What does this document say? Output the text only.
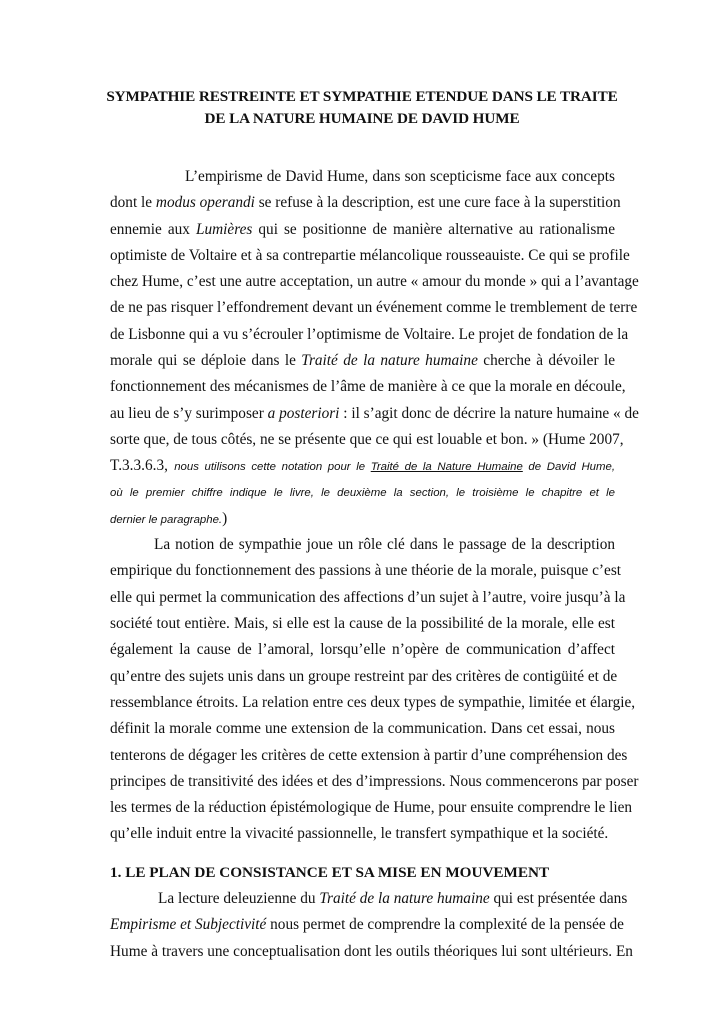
SYMPATHIE RESTREINTE ET SYMPATHIE ETENDUE DANS LE TRAITE
DE LA NATURE HUMAINE DE DAVID HUME
L’empirisme de David Hume, dans son scepticisme face aux concepts
dont le modus operandi se refuse à la description, est une cure face à la superstition
ennemie aux Lumières qui se positionne de manière alternative au rationalisme
optimiste de Voltaire et à sa contrepartie mélancolique rousseauiste. Ce qui se profile
chez Hume, c’est une autre acceptation, un autre « amour du monde » qui a l’avantage
de ne pas risquer l’effondrement devant un événement comme le tremblement de terre
de Lisbonne qui a vu s’écrouler l’optimisme de Voltaire. Le projet de fondation de la
morale qui se déploie dans le Traité de la nature humaine cherche à dévoiler le
fonctionnement des mécanismes de l’âme de manière à ce que la morale en découle,
au lieu de s’y surimposer a posteriori : il s’agit donc de décrire la nature humaine « de
sorte que, de tous côtés, ne se présente que ce qui est louable et bon. » (Hume 2007,
T.3.3.6.3, nous utilisons cette notation pour le Traité de la Nature Humaine de David Hume,
où le premier chiffre indique le livre, le deuxième la section, le troisième le chapitre et le
dernier le paragraphe.)
La notion de sympathie joue un rôle clé dans le passage de la description
empirique du fonctionnement des passions à une théorie de la morale, puisque c’est
elle qui permet la communication des affections d’un sujet à l’autre, voire jusqu’à la
société tout entière. Mais, si elle est la cause de la possibilité de la morale, elle est
également la cause de l’amoral, lorsqu’elle n’opère de communication d’affect
qu’entre des sujets unis dans un groupe restreint par des critères de contigüité et de
ressemblance étroits. La relation entre ces deux types de sympathie, limitée et élargie,
définit la morale comme une extension de la communication. Dans cet essai, nous
tenterons de dégager les critères de cette extension à partir d’une compréhension des
principes de transitivité des idées et des d’impressions. Nous commencerons par poser
les termes de la réduction épistémologique de Hume, pour ensuite comprendre le lien
qu’elle induit entre la vivacité passionnelle, le transfert sympathique et la société.
1. LE PLAN DE CONSISTANCE ET SA MISE EN MOUVEMENT
La lecture deleuzienne du Traité de la nature humaine qui est présentée dans
Empirisme et Subjectivité nous permet de comprendre la complexité de la pensée de
Hume à travers une conceptualisation dont les outils théoriques lui sont ultérieurs. En
